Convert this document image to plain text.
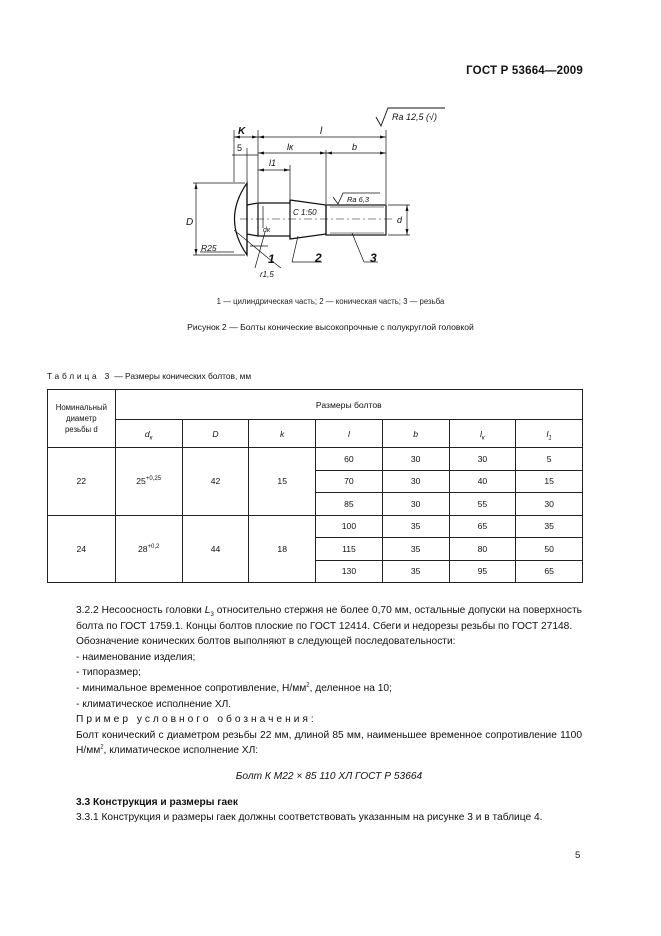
ГОСТ Р 53664—2009
Ra 12,5 (√)
Ra 6,3
K	l
5	lк	b
l1
D	d
dк
C 1:50
R25
r1,5
1	2	3
1 — цилиндрическая часть; 2 — коническая часть; 3 — резьба
Рисунок 2 — Болты конические высокопрочные с полукруглой головкой
Таблица 3 — Размеры конических болтов, мм
Номинальный
диаметр
резьбы d	Размеры болтов						
	$d_к$	D	k	l	b	$l_к$	$l_1$
22	$25^{+0,25}$	42	15	60	30	30	5
				70	30	40	15
				85	30	55	30
24	$28^{+0,2}$	44	18	100	35	65	35
				115	35	80	50
				130	35	95	65

3.2.2 Несоосность головки $L_3$ относительно стержня не более 0,70 мм, остальные допуски на поверхность болта по ГОСТ 1759.1. Концы болтов плоские по ГОСТ 12414. Сбеги и недорезы резьбы по ГОСТ 27148.

Обозначение конических болтов выполняют в следующей последовательности:

- наименование изделия;

- типоразмер;

- минимальное временное сопротивление, $Н/мм^2$, деленное на 10;

- климатическое исполнение ХЛ.

Пример условного обозначения:

Болт конический с диаметром резьбы 22 мм, длиной 85 мм, наименьшее временное сопротивление 1100 $Н/мм^2$, климатическое исполнение ХЛ:

Болт К М22 × 85 110 ХЛ ГОСТ Р 53664

3.3 Конструкция и размеры гаек

3.3.1 Конструкция и размеры гаек должны соответствовать указанным на рисунке 3 и в таблице 4.

5
